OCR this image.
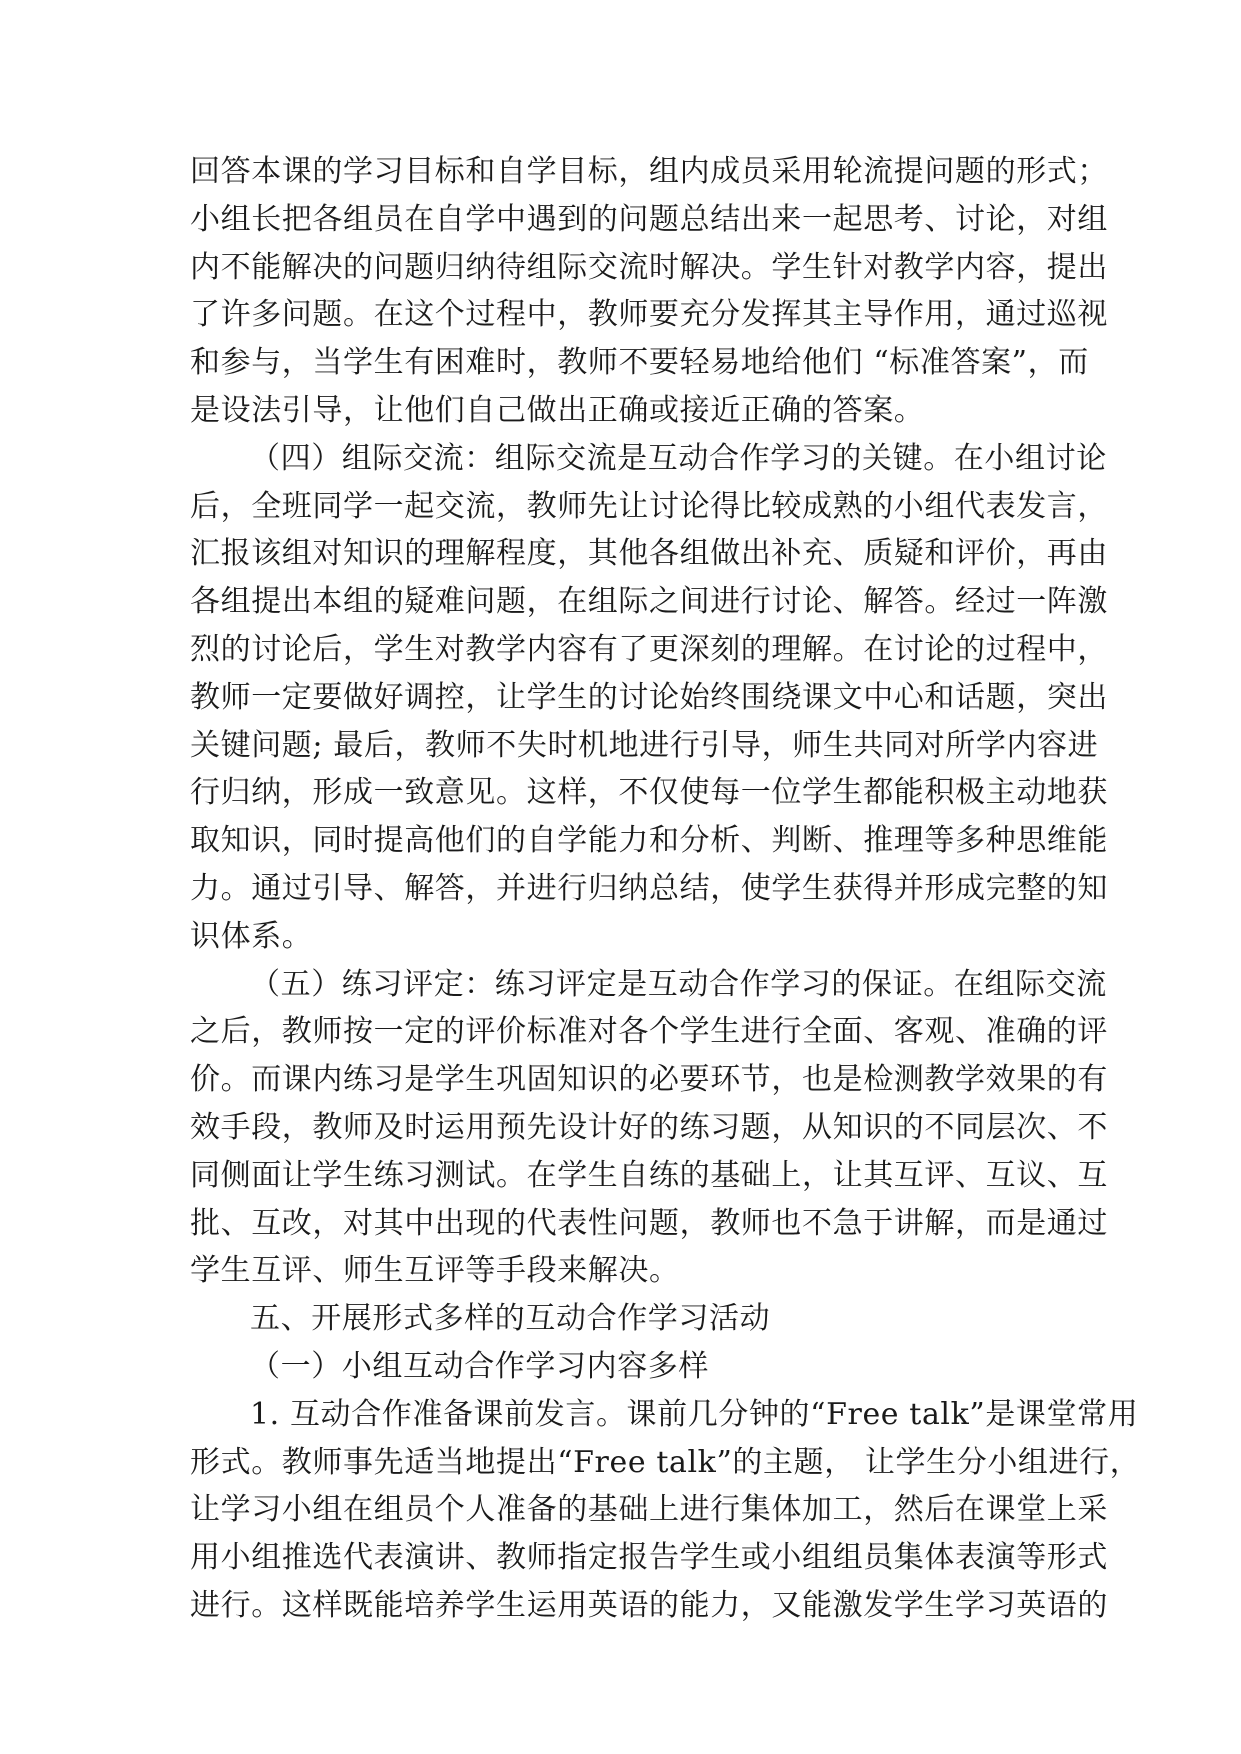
回答本课的学习目标和自学目标，组内成员采用轮流提问题的形式；
小组长把各组员在自学中遇到的问题总结出来一起思考、讨论，对组
内不能解决的问题归纳待组际交流时解决。学生针对教学内容，提出
了许多问题。在这个过程中，教师要充分发挥其主导作用，通过巡视
和参与，当学生有困难时，教师不要轻易地给他们 “标准答案”，而
是设法引导，让他们自己做出正确或接近正确的答案。
（四）组际交流：组际交流是互动合作学习的关键。在小组讨论
后，全班同学一起交流，教师先让讨论得比较成熟的小组代表发言，
汇报该组对知识的理解程度，其他各组做出补充、质疑和评价，再由
各组提出本组的疑难问题，在组际之间进行讨论、解答。经过一阵激
烈的讨论后，学生对教学内容有了更深刻的理解。在讨论的过程中，
教师一定要做好调控，让学生的讨论始终围绕课文中心和话题，突出
关键问题; 最后，教师不失时机地进行引导，师生共同对所学内容进
行归纳，形成一致意见。这样，不仅使每一位学生都能积极主动地获
取知识，同时提高他们的自学能力和分析、判断、推理等多种思维能
力。通过引导、解答，并进行归纳总结，使学生获得并形成完整的知
识体系。
（五）练习评定：练习评定是互动合作学习的保证。在组际交流
之后，教师按一定的评价标准对各个学生进行全面、客观、准确的评
价。而课内练习是学生巩固知识的必要环节，也是检测教学效果的有
效手段，教师及时运用预先设计好的练习题，从知识的不同层次、不
同侧面让学生练习测试。在学生自练的基础上，让其互评、互议、互
批、互改，对其中出现的代表性问题，教师也不急于讲解，而是通过
学生互评、师生互评等手段来解决。
五、开展形式多样的互动合作学习活动
（一）小组互动合作学习内容多样
1. 互动合作准备课前发言。课前几分钟的“Free talk”是课堂常用
形式。教师事先适当地提出“Free talk”的主题， 让学生分小组进行，
让学习小组在组员个人准备的基础上进行集体加工，然后在课堂上采
用小组推选代表演讲、教师指定报告学生或小组组员集体表演等形式
进行。这样既能培养学生运用英语的能力，又能激发学生学习英语的
